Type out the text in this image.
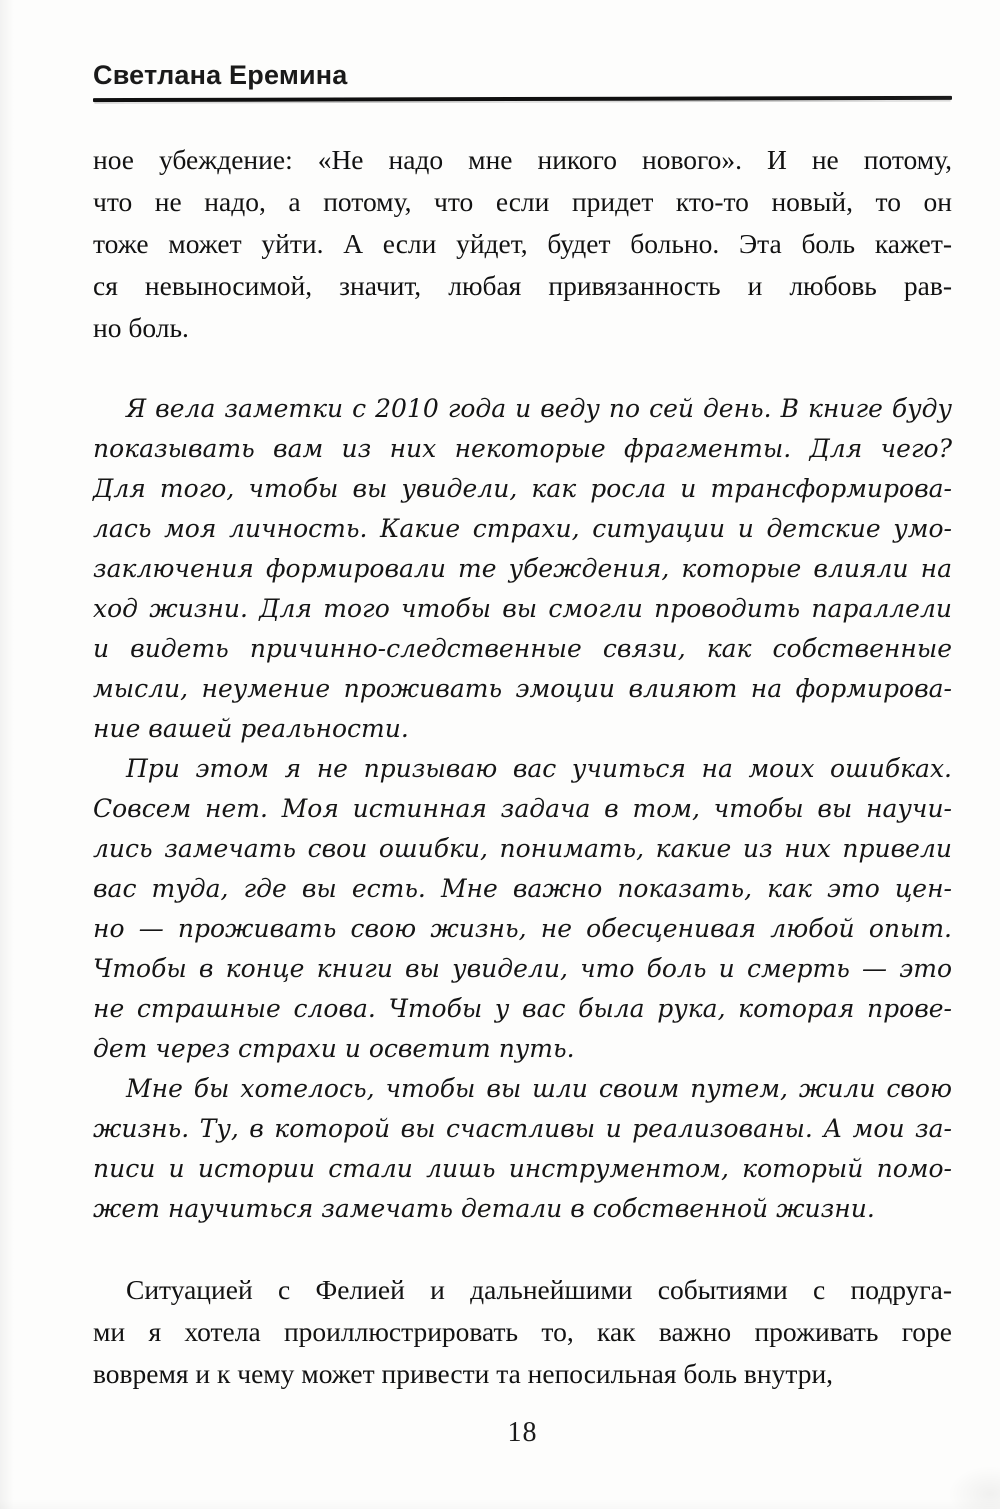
Светлана Еремина
ное убеждение: «Не надо мне никого нового». И не потому,
что не надо, а потому, что если придет кто-то новый, то он
тоже может уйти. А если уйдет, будет больно. Эта боль кажет-
ся невыносимой, значит, любая привязанность и любовь рав-
но боль.
Я вела заметки с 2010 года и веду по сей день. В книге буду
показывать вам из них некоторые фрагменты. Для чего?
Для того, чтобы вы увидели, как росла и трансформирова-
лась моя личность. Какие страхи, ситуации и детские умо-
заключения формировали те убеждения, которые влияли на
ход жизни. Для того чтобы вы смогли проводить параллели
и видеть причинно-следственные связи, как собственные
мысли, неумение проживать эмоции влияют на формирова-
ние вашей реальности.
При этом я не призываю вас учиться на моих ошибках.
Совсем нет. Моя истинная задача в том, чтобы вы научи-
лись замечать свои ошибки, понимать, какие из них привели
вас туда, где вы есть. Мне важно показать, как это цен-
но — проживать свою жизнь, не обесценивая любой опыт.
Чтобы в конце книги вы увидели, что боль и смерть — это
не страшные слова. Чтобы у вас была рука, которая прове-
дет через страхи и осветит путь.
Мне бы хотелось, чтобы вы шли своим путем, жили свою
жизнь. Ту, в которой вы счастливы и реализованы. А мои за-
писи и истории стали лишь инструментом, который помо-
жет научиться замечать детали в собственной жизни.
Ситуацией с Фелией и дальнейшими событиями с подруга-
ми я хотела проиллюстрировать то, как важно проживать горе
вовремя и к чему может привести та непосильная боль внутри,
18
